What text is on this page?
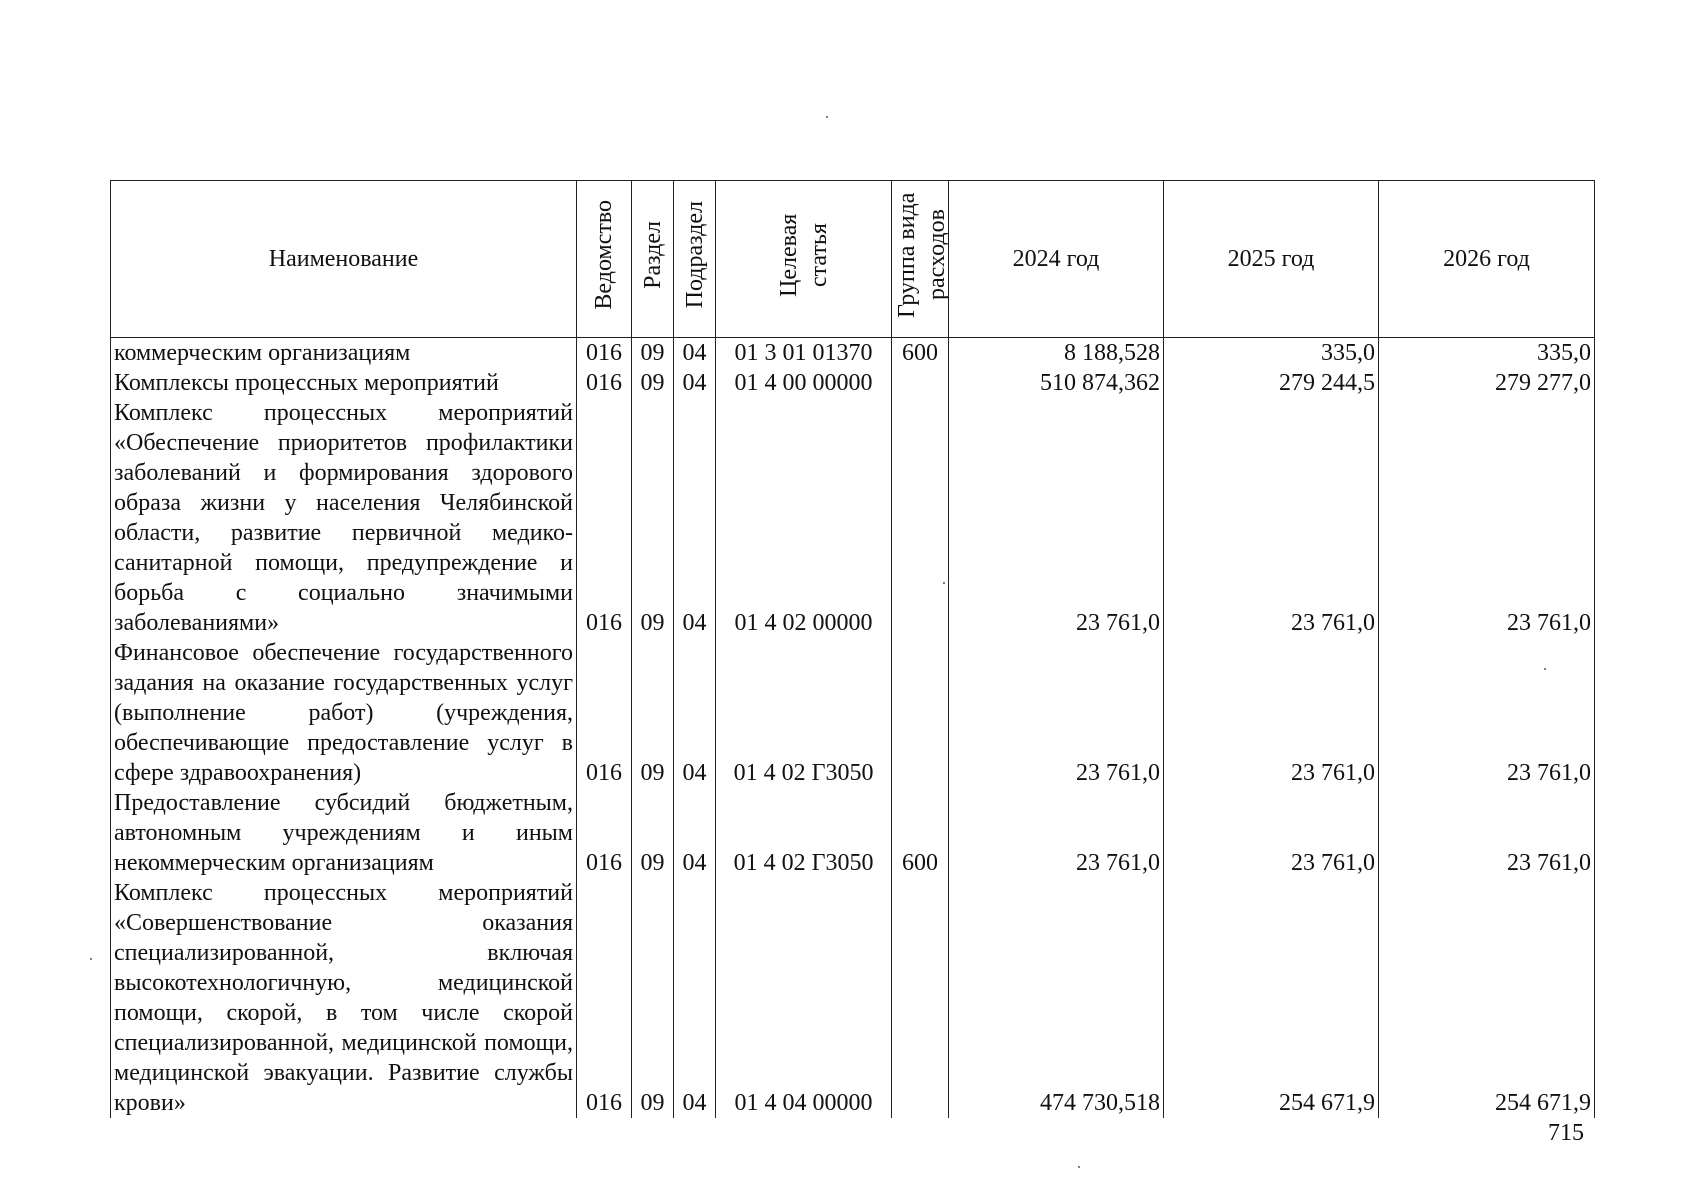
Наименование	Ведомство	Раздел	Подраздел	Целевая статья	Группа вида расходов	2024 год	2025 год	2026 год
коммерческим организациям	016	09	04	01 3 01 01370	600	8 188,528	335,0	335,0
Комплексы процессных мероприятий	016	09	04	01 4 00 00000		510 874,362	279 244,5	279 277,0
Комплекс процессных мероприятий «Обеспечение приоритетов профилактики заболеваний и формирования здорового образа жизни у населения Челябинской области, развитие первичной медико-санитарной помощи, предупреждение и борьба с социально значимыми заболеваниями»	016	09	04	01 4 02 00000		23 761,0	23 761,0	23 761,0
Финансовое обеспечение государственного задания на оказание государственных услуг (выполнение работ) (учреждения, обеспечивающие предоставление услуг в сфере здравоохранения)	016	09	04	01 4 02 Г3050		23 761,0	23 761,0	23 761,0
Предоставление субсидий бюджетным, автономным учреждениям и иным некоммерческим организациям	016	09	04	01 4 02 Г3050	600	23 761,0	23 761,0	23 761,0
Комплекс процессных мероприятий «Совершенствование оказания специализированной, включая высокотехнологичную, медицинской помощи, скорой, в том числе скорой специализированной, медицинской помощи, медицинской эвакуации. Развитие службы крови»	016	09	04	01 4 04 00000		474 730,518	254 671,9	254 671,9
715
